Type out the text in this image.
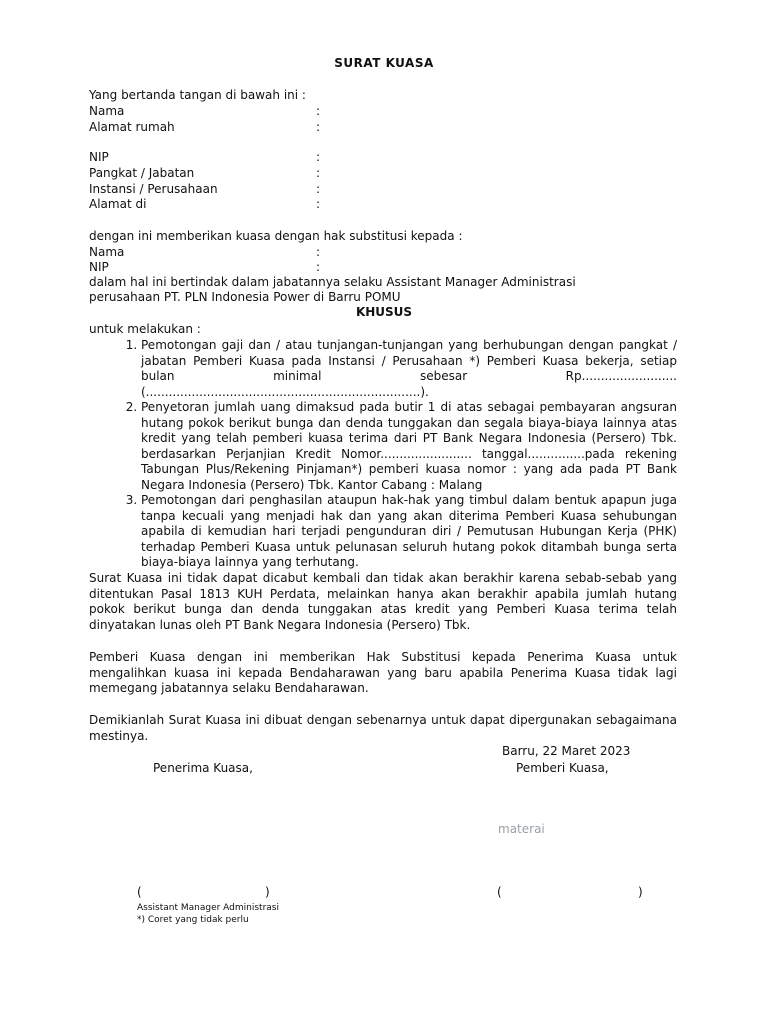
SURAT KUASA
Yang bertanda tangan di bawah ini :
Nama	:
Alamat rumah	:
NIP	:
Pangkat / Jabatan	:
Instansi / Perusahaan	:
Alamat di	:
dengan ini memberikan kuasa dengan hak substitusi kepada :
Nama	:
NIP	:
dalam hal ini bertindak dalam jabatannya selaku Assistant Manager Administrasi
perusahaan PT. PLN Indonesia Power di Barru POMU
KHUSUS
untuk melakukan :
1. Pemotongan gaji dan / atau tunjangan-tunjangan yang berhubungan dengan pangkat / jabatan Pemberi Kuasa pada Instansi / Perusahaan *) Pemberi Kuasa bekerja, setiap bulan minimal sebesar Rp......................... (........................................................................).
2. Penyetoran jumlah uang dimaksud pada butir 1 di atas sebagai pembayaran angsuran hutang pokok berikut bunga dan denda tunggakan dan segala biaya-biaya lainnya atas kredit yang telah pemberi kuasa terima dari PT Bank Negara Indonesia (Persero) Tbk. berdasarkan Perjanjian Kredit Nomor........................ tanggal...............pada rekening Tabungan Plus/Rekening Pinjaman*) pemberi kuasa nomor : yang ada pada PT Bank Negara Indonesia (Persero) Tbk. Kantor Cabang : Malang
3. Pemotongan dari penghasilan ataupun hak-hak yang timbul dalam bentuk apapun juga tanpa kecuali yang menjadi hak dan yang akan diterima Pemberi Kuasa sehubungan apabila di kemudian hari terjadi pengunduran diri / Pemutusan Hubungan Kerja (PHK) terhadap Pemberi Kuasa untuk pelunasan seluruh hutang pokok ditambah bunga serta biaya-biaya lainnya yang terhutang.
Surat Kuasa ini tidak dapat dicabut kembali dan tidak akan berakhir karena sebab-sebab yang ditentukan Pasal 1813 KUH Perdata, melainkan hanya akan berakhir apabila jumlah hutang pokok berikut bunga dan denda tunggakan atas kredit yang Pemberi Kuasa terima telah dinyatakan lunas oleh PT Bank Negara Indonesia (Persero) Tbk.
Pemberi Kuasa dengan ini memberikan Hak Substitusi kepada Penerima Kuasa untuk mengalihkan kuasa ini kepada Bendaharawan yang baru apabila Penerima Kuasa tidak lagi memegang jabatannya selaku Bendaharawan.
Demikianlah Surat Kuasa ini dibuat dengan sebenarnya untuk dapat dipergunakan sebagaimana mestinya.
Barru, 22 Maret 2023
Penerima Kuasa,	Pemberi Kuasa,
materai
(	)	(	)
Assistant Manager Administrasi
*) Coret yang tidak perlu
